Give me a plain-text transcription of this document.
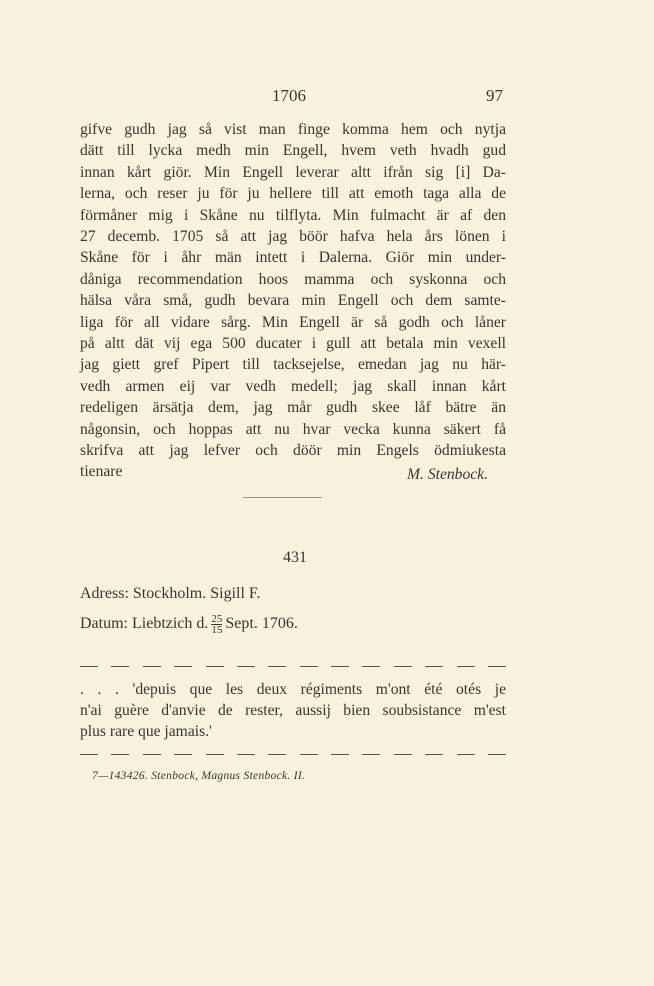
1706	97
gifve gudh jag så vist man finge komma hem och nytja
dätt till lycka medh min Engell, hvem veth hvadh gud
innan kårt giör. Min Engell leverar altt ifrån sig [i] Da-
lerna, och reser ju för ju hellere till att emoth taga alla de
förmåner mig i Skåne nu tilflyta. Min fulmacht är af den
27 decemb. 1705 så att jag böör hafva hela års lönen i
Skåne för i åhr män intett i Dalerna. Giör min under-
dåniga recommendation hoos mamma och syskonna och
hälsa våra små, gudh bevara min Engell och dem samte-
liga för all vidare sårg. Min Engell är så godh och låner
på altt dät vij ega 500 ducater i gull att betala min vexell
jag giett gref Pipert till tacksejelse, emedan jag nu här-
vedh armen eij var vedh medell; jag skall innan kårt
redeligen ärsätja dem, jag mår gudh skee låf bätre än
någonsin, och hoppas att nu hvar vecka kunna säkert få
skrifva att jag lefver och döör min Engels ödmiukesta
tienare	M. Stenbock.
431
Adress: Stockholm. Sigill F.
Datum: Liebtzich d. $\frac{25}{15}$ Sept. 1706.
. . . 'depuis que les deux régiments m'ont été otés je
n'ai guère d'anvie de rester, aussij bien soubsistance m'est
plus rare que jamais.'
7—143426. Stenbock, Magnus Stenbock. II.
